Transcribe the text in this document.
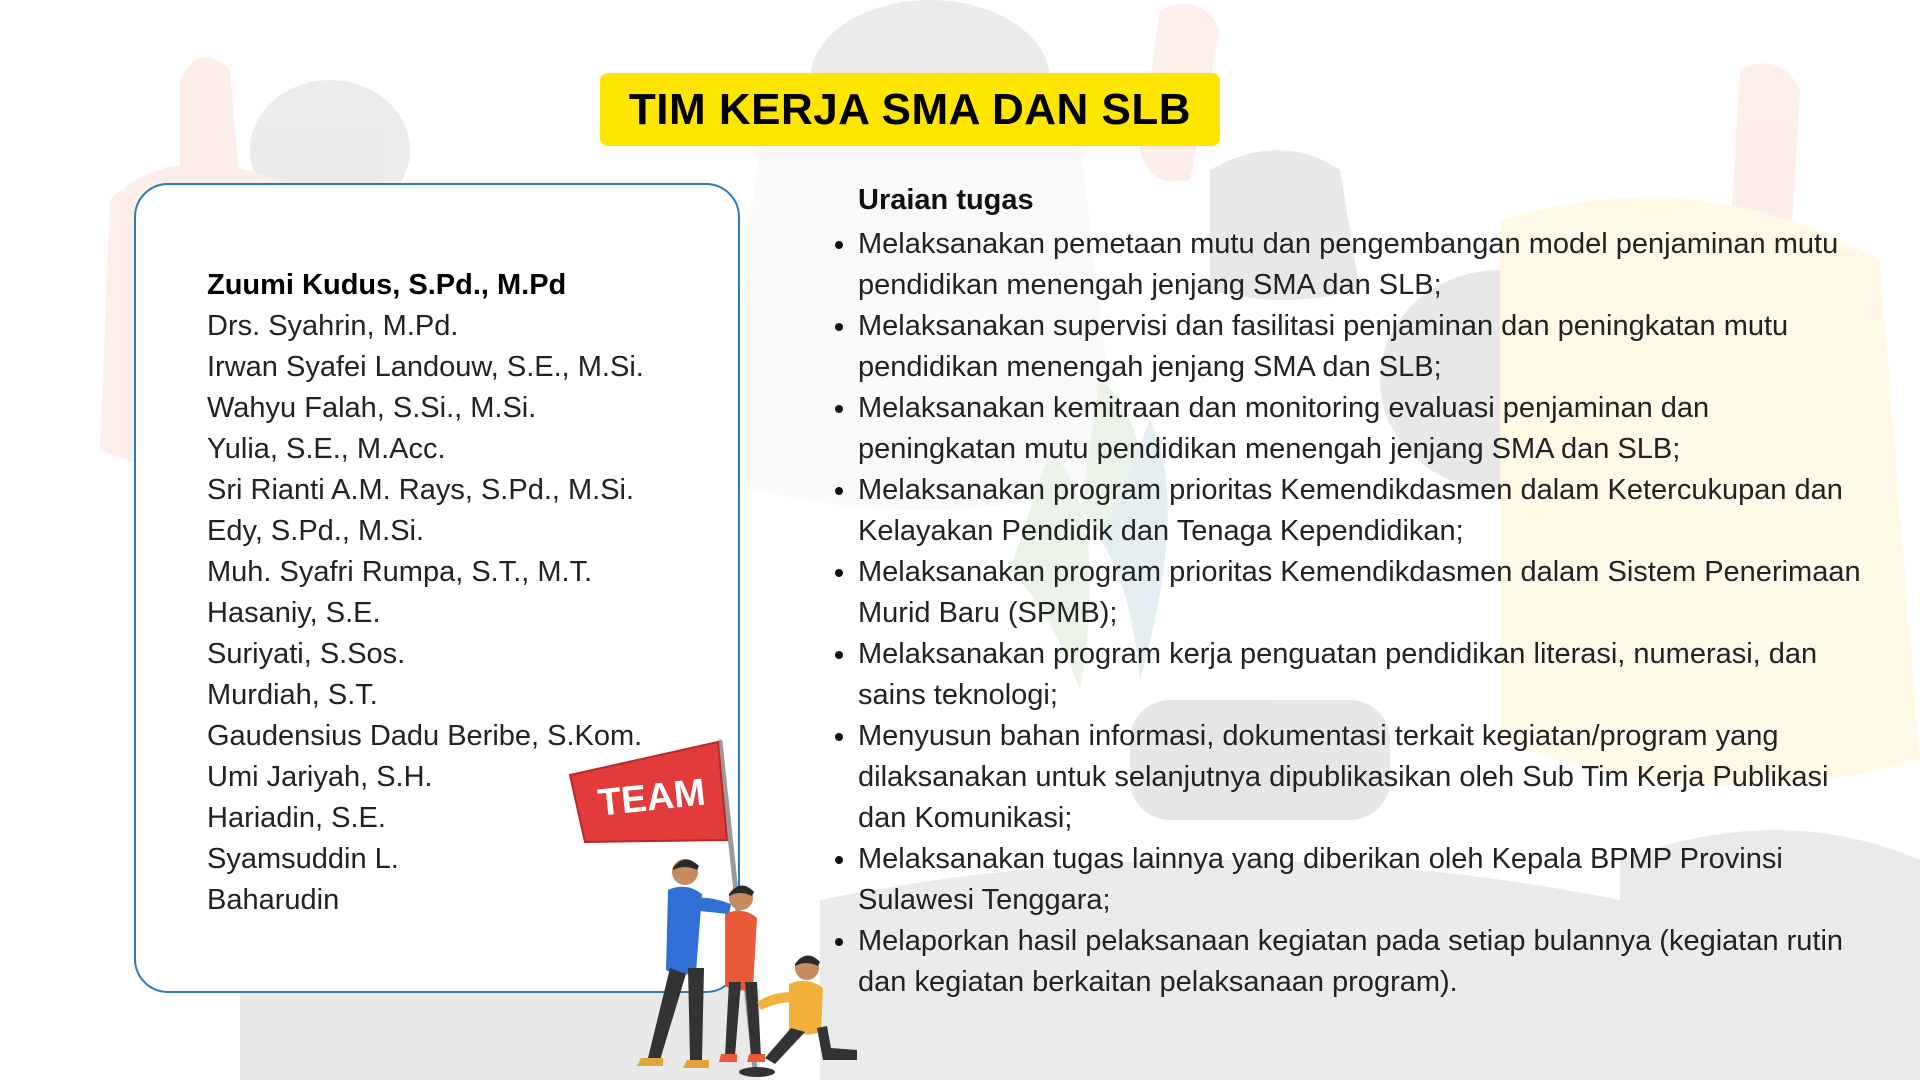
TIM KERJA SMA DAN SLB
Zuumi Kudus, S.Pd., M.Pd
Drs. Syahrin, M.Pd.
Irwan Syafei Landouw, S.E., M.Si.
Wahyu Falah, S.Si., M.Si.
Yulia, S.E., M.Acc.
Sri Rianti A.M. Rays, S.Pd., M.Si.
Edy, S.Pd., M.Si.
Muh. Syafri Rumpa, S.T., M.T.
Hasaniy, S.E.
Suriyati, S.Sos.
Murdiah, S.T.
Gaudensius Dadu Beribe, S.Kom.
Umi Jariyah, S.H.
Hariadin, S.E.
Syamsuddin L.
Baharudin
Uraian tugas
Melaksanakan pemetaan mutu dan pengembangan model penjaminan mutu pendidikan menengah jenjang SMA dan SLB;
Melaksanakan supervisi dan fasilitasi penjaminan dan peningkatan mutu pendidikan menengah jenjang SMA dan SLB;
Melaksanakan kemitraan dan monitoring evaluasi penjaminan dan peningkatan mutu pendidikan menengah jenjang SMA dan SLB;
Melaksanakan program prioritas Kemendikdasmen dalam Ketercukupan dan Kelayakan Pendidik dan Tenaga Kependidikan;
Melaksanakan program prioritas Kemendikdasmen dalam Sistem Penerimaan Murid Baru (SPMB);
Melaksanakan program kerja penguatan pendidikan literasi, numerasi, dan sains teknologi;
Menyusun bahan informasi, dokumentasi terkait kegiatan/program yang dilaksanakan untuk selanjutnya dipublikasikan oleh Sub Tim Kerja Publikasi dan Komunikasi;
Melaksanakan tugas lainnya yang diberikan oleh Kepala BPMP Provinsi Sulawesi Tenggara;
Melaporkan hasil pelaksanaan kegiatan pada setiap bulannya (kegiatan rutin dan kegiatan berkaitan pelaksanaan program).
TEAM
